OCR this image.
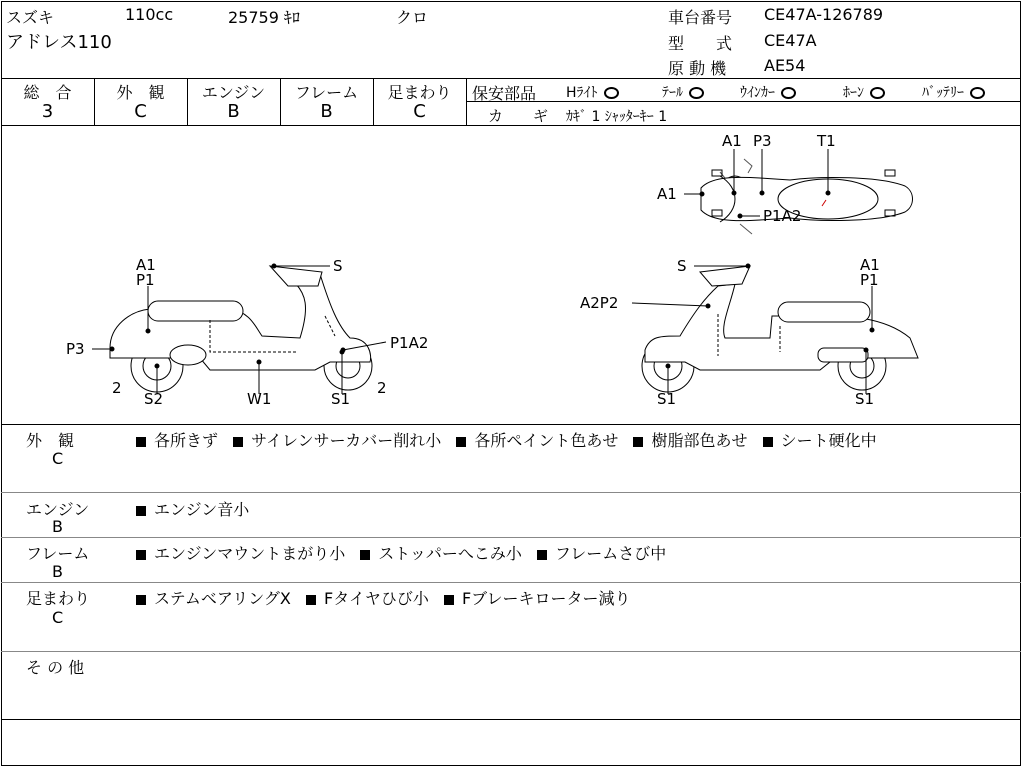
スズキ	110cc	25759 ｷﾛ	クロ
アドレス110
車台番号 CE47A-126789
型　　式 CE47A
原 動 機 AE54
総　合
3
外　観
C
エンジン
B
フレーム
B
足まわり
C
保安部品 Hﾗｲﾄ	ﾃｰﾙ	ｳｲﾝｶｰ	ﾎｰﾝ	ﾊﾞｯﾃﾘｰ
カ　　ギ ｶｷﾞ 1 ｼｬｯﾀｰｷｰ 1
A1 P3	T1
A1
P1A2
A1
P1
S
P3	P1A2
2
S2	W1	S1
2
S	A1
P1
A2P2
S1	S1
外　観
C
各所きず サイレンサーカバー削れ小 各所ペイント色あせ 樹脂部色あせ シート硬化中
エンジン
B
エンジン音小
フレーム
B
エンジンマウントまがり小 ストッパーへこみ小 フレームさび中
足まわり
C
ステムベアリングX Fタイヤひび小 Fブレーキローター減り
そ の 他
